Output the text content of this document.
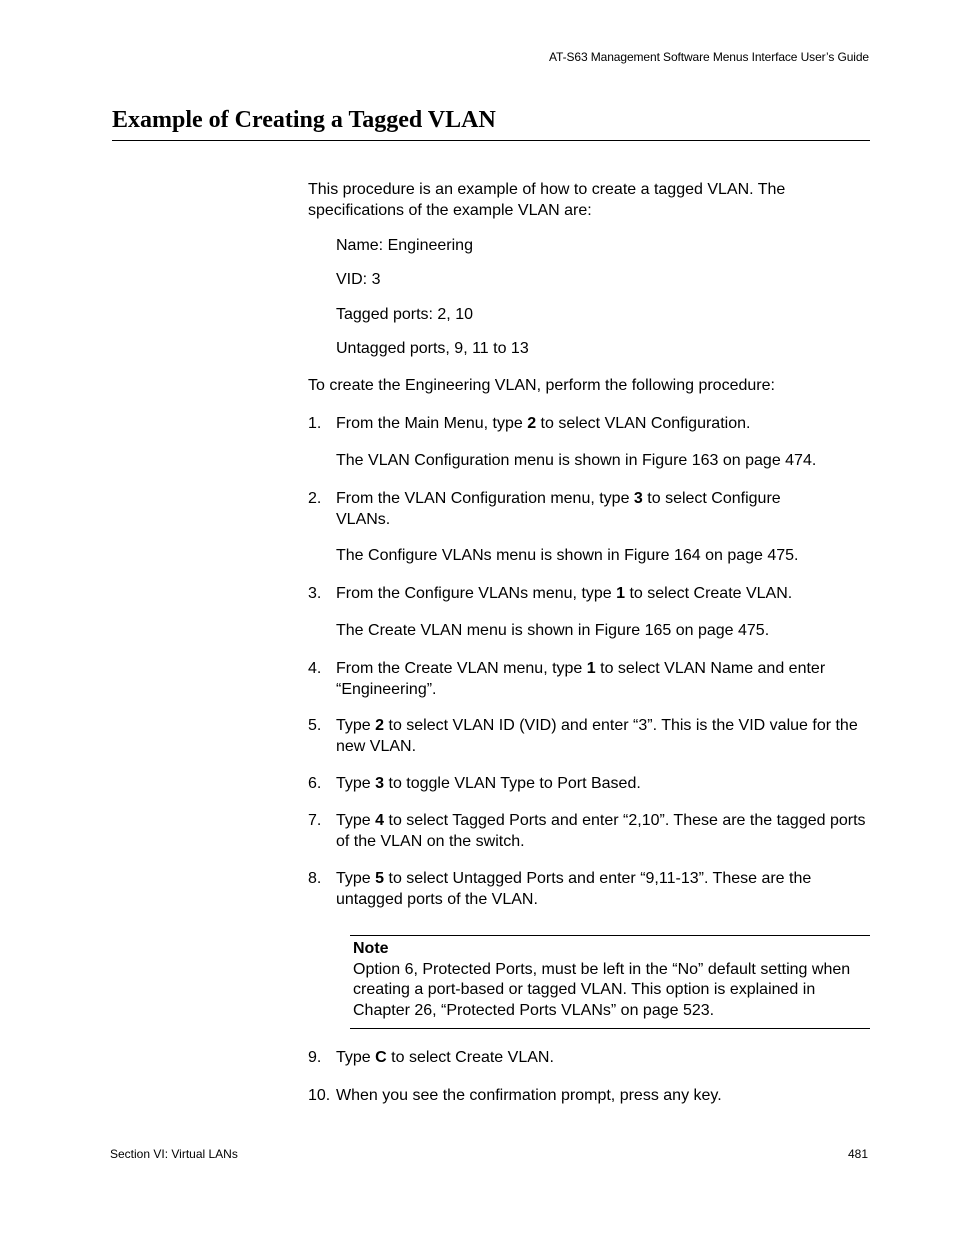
AT-S63 Management Software Menus Interface User’s Guide
Example of Creating a Tagged VLAN

This procedure is an example of how to create a tagged VLAN. The specifications of the example VLAN are:

Name: Engineering

VID: 3

Tagged ports: 2, 10

Untagged ports, 9, 11 to 13

To create the Engineering VLAN, perform the following procedure:

1. From the Main Menu, type 2 to select VLAN Configuration.

The VLAN Configuration menu is shown in Figure 163 on page 474.

2. From the VLAN Configuration menu, type 3 to select Configure VLANs.

The Configure VLANs menu is shown in Figure 164 on page 475.

3. From the Configure VLANs menu, type 1 to select Create VLAN.

The Create VLAN menu is shown in Figure 165 on page 475.

4. From the Create VLAN menu, type 1 to select VLAN Name and enter “Engineering”.

5. Type 2 to select VLAN ID (VID) and enter “3”. This is the VID value for the new VLAN.

6. Type 3 to toggle VLAN Type to Port Based.

7. Type 4 to select Tagged Ports and enter “2,10”. These are the tagged ports of the VLAN on the switch.

8. Type 5 to select Untagged Ports and enter “9,11-13”. These are the untagged ports of the VLAN.

Note
Option 6, Protected Ports, must be left in the “No” default setting when creating a port-based or tagged VLAN. This option is explained in Chapter 26, “Protected Ports VLANs” on page 523.
9. Type C to select Create VLAN.

10. When you see the confirmation prompt, press any key.

Section VI: Virtual LANs	481
